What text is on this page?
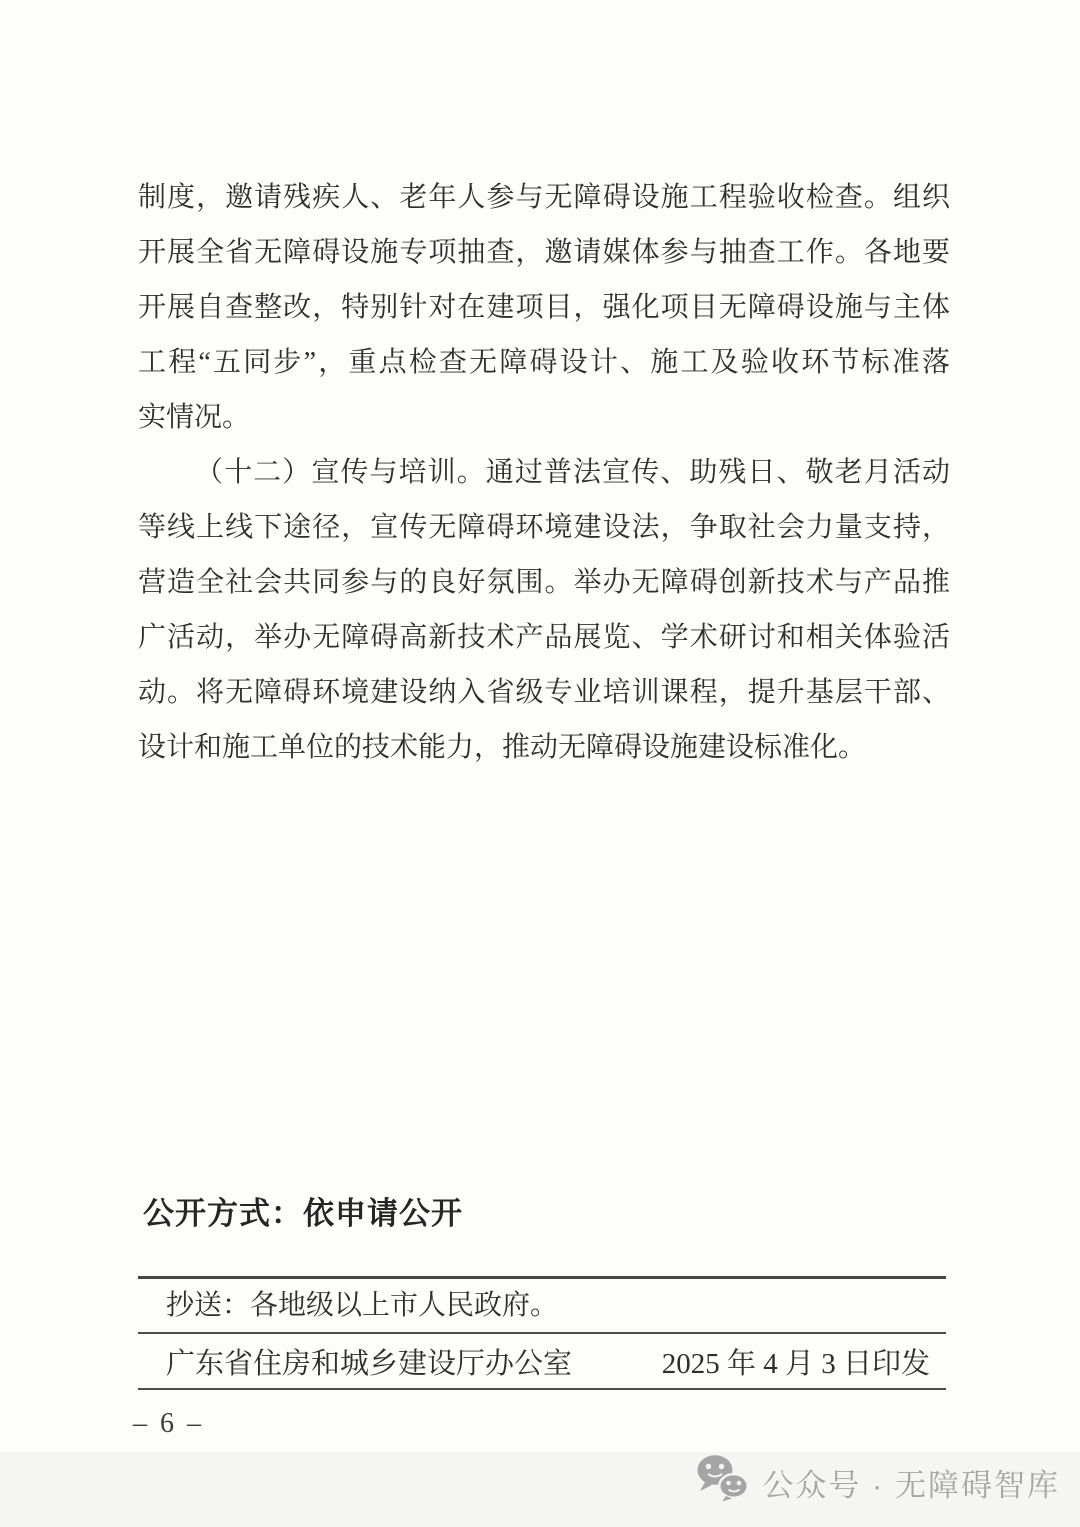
制度，邀请残疾人、老年人参与无障碍设施工程验收检查。组织
开展全省无障碍设施专项抽查，邀请媒体参与抽查工作。各地要
开展自查整改，特别针对在建项目，强化项目无障碍设施与主体
工程“五同步”，重点检查无障碍设计、施工及验收环节标准落
实情况。
（十二）宣传与培训。通过普法宣传、助残日、敬老月活动
等线上线下途径，宣传无障碍环境建设法，争取社会力量支持，
营造全社会共同参与的良好氛围。举办无障碍创新技术与产品推
广活动，举办无障碍高新技术产品展览、学术研讨和相关体验活
动。将无障碍环境建设纳入省级专业培训课程，提升基层干部、
设计和施工单位的技术能力，推动无障碍设施建设标准化。
公开方式：依申请公开
抄送：各地级以上市人民政府。
广东省住房和城乡建设厅办公室	2025 年 4 月 3 日印发
– 6 –
公众号 · 无障碍智库
